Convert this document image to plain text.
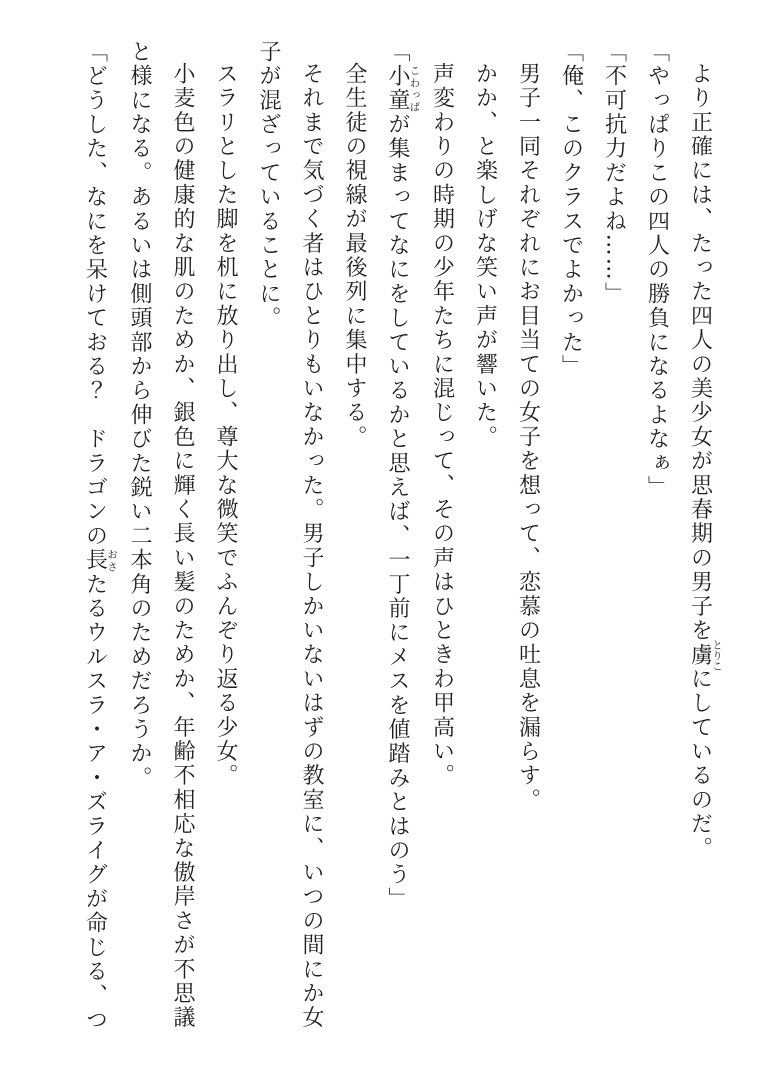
より正確には、たった四人の美少女が思春期の男子を虜とりこにしているのだ。

「やっぱりこの四人の勝負になるよなぁ」

「不可抗力だよね……」

「俺、このクラスでよかった」

男子一同それぞれにお目当ての女子を想って、恋慕の吐息を漏らす。

かか、と楽しげな笑い声が響いた。

声変わりの時期の少年たちに混じって、その声はひときわ甲高い。

「小童こわっぱが集まってなにをしているかと思えば、一丁前にメスを値踏みとはのう」

全生徒の視線が最後列に集中する。

それまで気づく者はひとりもいなかった。男子しかいないはずの教室に、いつの間にか女子が混ざっていることに。

スラリとした脚を机に放り出し、尊大な微笑でふんぞり返る少女。

小麦色の健康的な肌のためか、銀色に輝く長い髪のためか、年齢不相応な傲岸さが不思議と様になる。あるいは側頭部から伸びた鋭い二本角のためだろうか。

「どうした、なにを呆けておる？　ドラゴンの長おさたるウルスラ・ア・ズライグが命じる、つ
